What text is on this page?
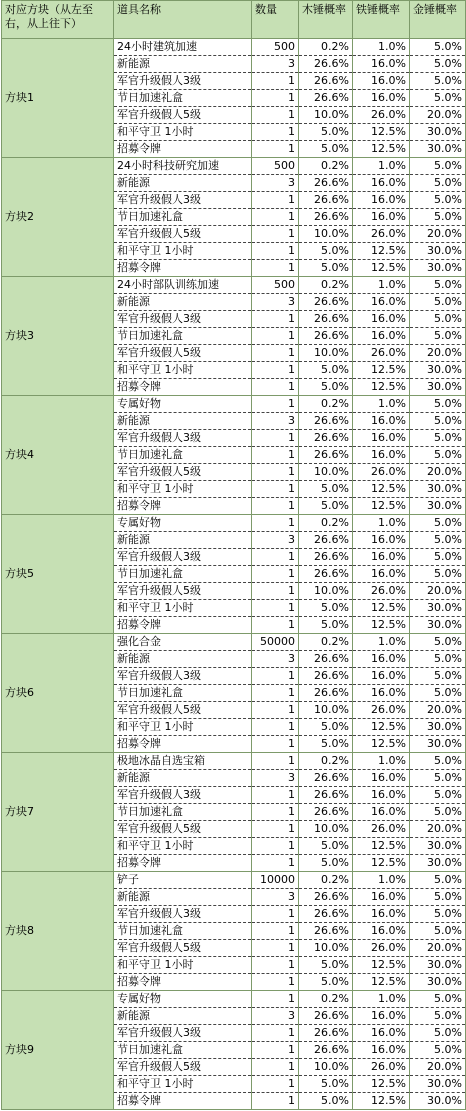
对应方块（从左至右，从上往下）	道具名称	数量	木锤概率	铁锤概率	金锤概率
方块1	24小时建筑加速	500	0.2%	1.0%	5.0%
	新能源	3	26.6%	16.0%	5.0%
	军官升级假人3级	1	26.6%	16.0%	5.0%
	节日加速礼盒	1	26.6%	16.0%	5.0%
	军官升级假人5级	1	10.0%	26.0%	20.0%
	和平守卫 1小时	1	5.0%	12.5%	30.0%
	招募令牌	1	5.0%	12.5%	30.0%
方块2	24小时科技研究加速	500	0.2%	1.0%	5.0%
	新能源	3	26.6%	16.0%	5.0%
	军官升级假人3级	1	26.6%	16.0%	5.0%
	节日加速礼盒	1	26.6%	16.0%	5.0%
	军官升级假人5级	1	10.0%	26.0%	20.0%
	和平守卫 1小时	1	5.0%	12.5%	30.0%
	招募令牌	1	5.0%	12.5%	30.0%
方块3	24小时部队训练加速	500	0.2%	1.0%	5.0%
	新能源	3	26.6%	16.0%	5.0%
	军官升级假人3级	1	26.6%	16.0%	5.0%
	节日加速礼盒	1	26.6%	16.0%	5.0%
	军官升级假人5级	1	10.0%	26.0%	20.0%
	和平守卫 1小时	1	5.0%	12.5%	30.0%
	招募令牌	1	5.0%	12.5%	30.0%
方块4	专属好物	1	0.2%	1.0%	5.0%
	新能源	3	26.6%	16.0%	5.0%
	军官升级假人3级	1	26.6%	16.0%	5.0%
	节日加速礼盒	1	26.6%	16.0%	5.0%
	军官升级假人5级	1	10.0%	26.0%	20.0%
	和平守卫 1小时	1	5.0%	12.5%	30.0%
	招募令牌	1	5.0%	12.5%	30.0%
方块5	专属好物	1	0.2%	1.0%	5.0%
	新能源	3	26.6%	16.0%	5.0%
	军官升级假人3级	1	26.6%	16.0%	5.0%
	节日加速礼盒	1	26.6%	16.0%	5.0%
	军官升级假人5级	1	10.0%	26.0%	20.0%
	和平守卫 1小时	1	5.0%	12.5%	30.0%
	招募令牌	1	5.0%	12.5%	30.0%
方块6	强化合金	50000	0.2%	1.0%	5.0%
	新能源	3	26.6%	16.0%	5.0%
	军官升级假人3级	1	26.6%	16.0%	5.0%
	节日加速礼盒	1	26.6%	16.0%	5.0%
	军官升级假人5级	1	10.0%	26.0%	20.0%
	和平守卫 1小时	1	5.0%	12.5%	30.0%
	招募令牌	1	5.0%	12.5%	30.0%
方块7	极地冰晶自选宝箱	1	0.2%	1.0%	5.0%
	新能源	3	26.6%	16.0%	5.0%
	军官升级假人3级	1	26.6%	16.0%	5.0%
	节日加速礼盒	1	26.6%	16.0%	5.0%
	军官升级假人5级	1	10.0%	26.0%	20.0%
	和平守卫 1小时	1	5.0%	12.5%	30.0%
	招募令牌	1	5.0%	12.5%	30.0%
方块8	铲子	10000	0.2%	1.0%	5.0%
	新能源	3	26.6%	16.0%	5.0%
	军官升级假人3级	1	26.6%	16.0%	5.0%
	节日加速礼盒	1	26.6%	16.0%	5.0%
	军官升级假人5级	1	10.0%	26.0%	20.0%
	和平守卫 1小时	1	5.0%	12.5%	30.0%
	招募令牌	1	5.0%	12.5%	30.0%
方块9	专属好物	1	0.2%	1.0%	5.0%
	新能源	3	26.6%	16.0%	5.0%
	军官升级假人3级	1	26.6%	16.0%	5.0%
	节日加速礼盒	1	26.6%	16.0%	5.0%
	军官升级假人5级	1	10.0%	26.0%	20.0%
	和平守卫 1小时	1	5.0%	12.5%	30.0%
	招募令牌	1	5.0%	12.5%	30.0%
